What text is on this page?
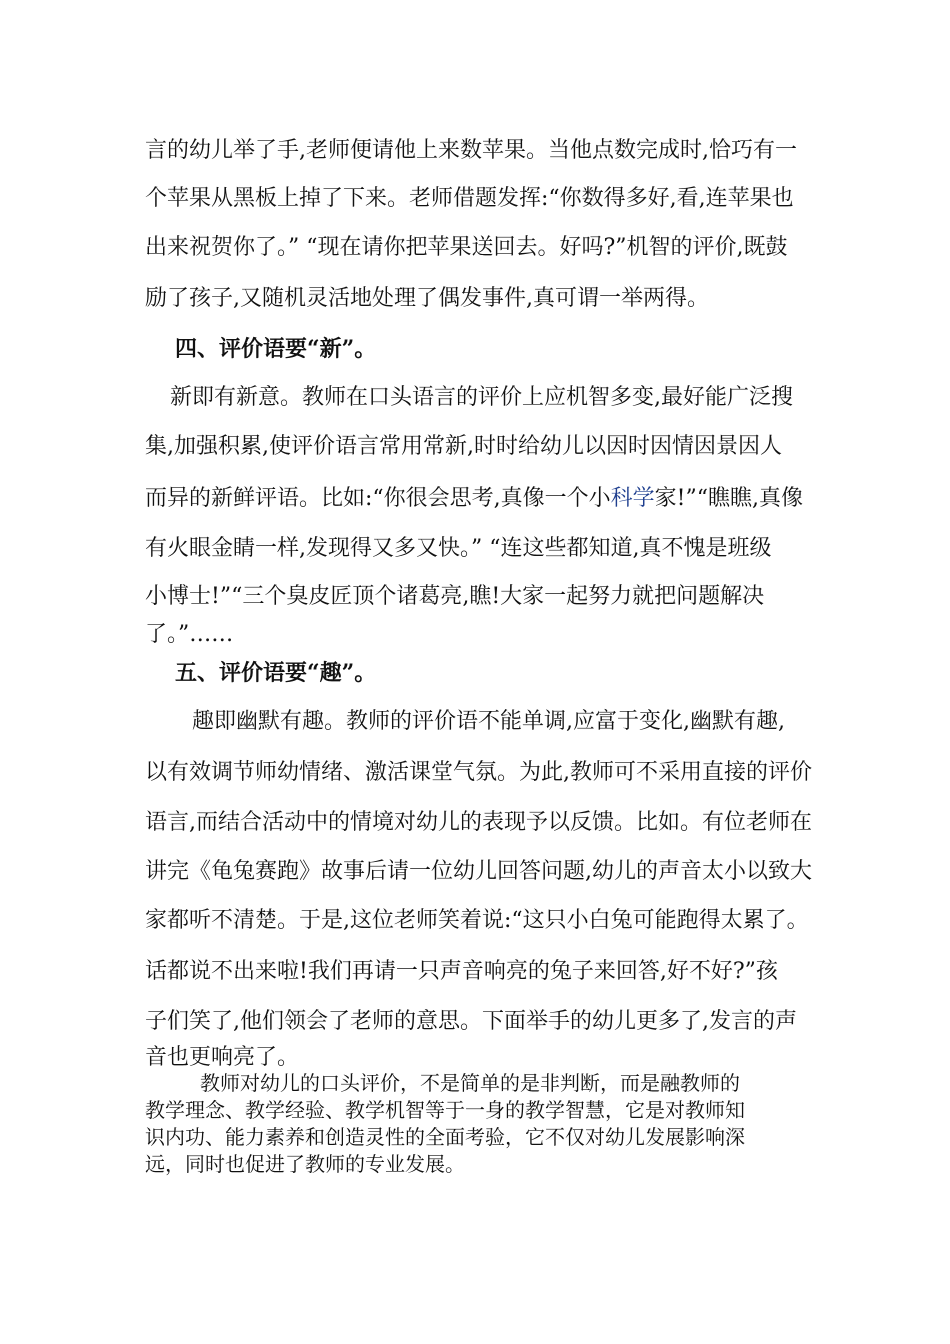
言的幼儿举了手,老师便请他上来数苹果。当他点数完成时,恰巧有一
个苹果从黑板上掉了下来。老师借题发挥:“你数得多好,看,连苹果也
出来祝贺你了。” “现在请你把苹果送回去。好吗?”机智的评价,既鼓
励了孩子,又随机灵活地处理了偶发事件,真可谓一举两得。
四、评价语要“新”。
新即有新意。教师在口头语言的评价上应机智多变,最好能广泛搜
集,加强积累,使评价语言常用常新,时时给幼儿以因时因情因景因人
而异的新鲜评语。比如:“你很会思考,真像一个小科学家!”“瞧瞧,真像
有火眼金睛一样,发现得又多又快。” “连这些都知道,真不愧是班级
小博士!”“三个臭皮匠顶个诸葛亮,瞧!大家一起努力就把问题解决
了。”……
五、评价语要“趣”。
趣即幽默有趣。教师的评价语不能单调,应富于变化,幽默有趣,
以有效调节师幼情绪、激活课堂气氛。为此,教师可不采用直接的评价
语言,而结合活动中的情境对幼儿的表现予以反馈。比如。有位老师在
讲完《龟兔赛跑》故事后请一位幼儿回答问题,幼儿的声音太小以致大
家都听不清楚。于是,这位老师笑着说:“这只小白兔可能跑得太累了。
话都说不出来啦!我们再请一只声音响亮的兔子来回答,好不好?”孩
子们笑了,他们领会了老师的意思。下面举手的幼儿更多了,发言的声
音也更响亮了。
教师对幼儿的口头评价，不是简单的是非判断，而是融教师的
教学理念、教学经验、教学机智等于一身的教学智慧，它是对教师知
识内功、能力素养和创造灵性的全面考验，它不仅对幼儿发展影响深
远，同时也促进了教师的专业发展。
